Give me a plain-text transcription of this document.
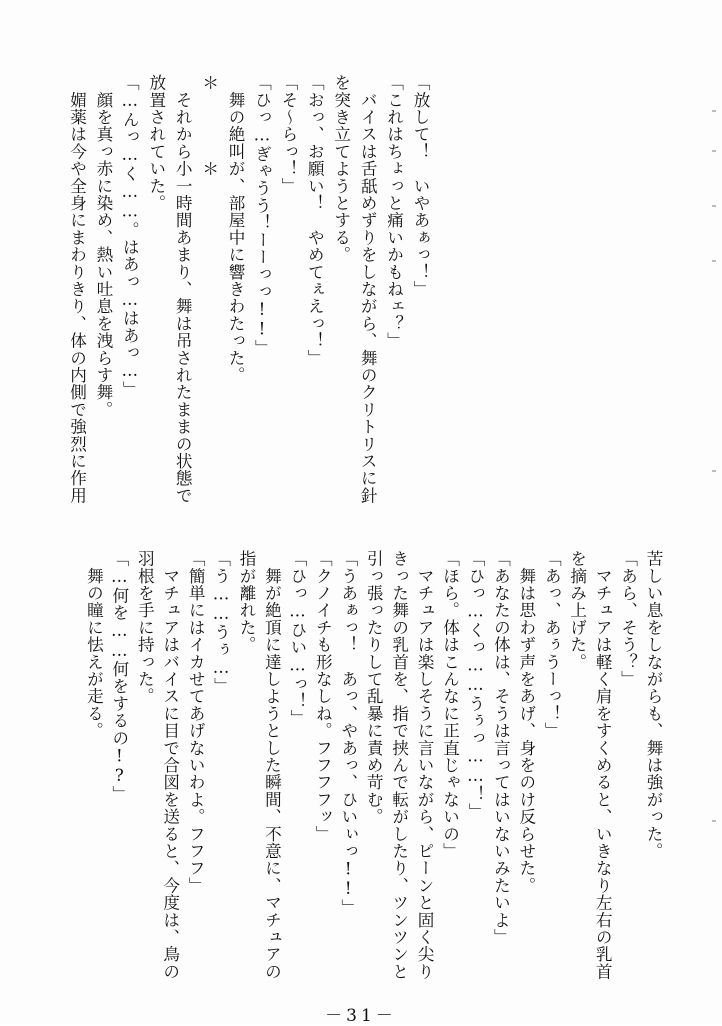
「放して！　いやあぁっ！」
「これはちょっと痛いかもねェ？」
　バイスは舌舐めずりをしながら、舞のクリトリスに針
を突き立てようとする。
「おっ、お願い！　やめてぇえっ！」
「そ～らっ！」
「ひっ…ぎゃうう！ーーっっ!!」
　舞の絶叫が、部屋中に響きわたった。
＊　　　　＊
　それから小一時間あまり、舞は吊されたままの状態で
放置されていた。
「…んっ…く……。はあっ…はあっ…」
　顔を真っ赤に染め、熱い吐息を洩らす舞。
　媚薬は今や全身にまわりきり、体の内側で強烈に作用
苦しい息をしながらも、舞は強がった。
「あら、そう？」
　マチュアは軽く肩をすくめると、いきなり左右の乳首
を摘み上げた。
「あっ、あぅうーっ！」
　舞は思わず声をあげ、身をのけ反らせた。
「あなたの体は、そうは言ってはいないみたいよ」
「ひっ…くっ……うぅっ……！」
「ほら。体はこんなに正直じゃないの」
　マチュアは楽しそうに言いながら、ピーンと固く尖り
きった舞の乳首を、指で挟んで転がしたり、ツンツンと
引っ張ったりして乱暴に責め苛む。
「うあぁっ！　あっ、やあっ、ひいぃっ!!」
「クノイチも形なしね。フフフフッ」
「ひっ…ひい…っ！」
　舞が絶頂に達しようとした瞬間、不意に、マチュアの
指が離れた。
「う……うぅ…」
「簡単にはイカせてあげないわよ。フフフ」
　マチュアはバイスに目で合図を送ると、今度は、鳥の
羽根を手に持った。
「…何を……何をするの!?」
　舞の瞳に怯えが走る。
－31－
